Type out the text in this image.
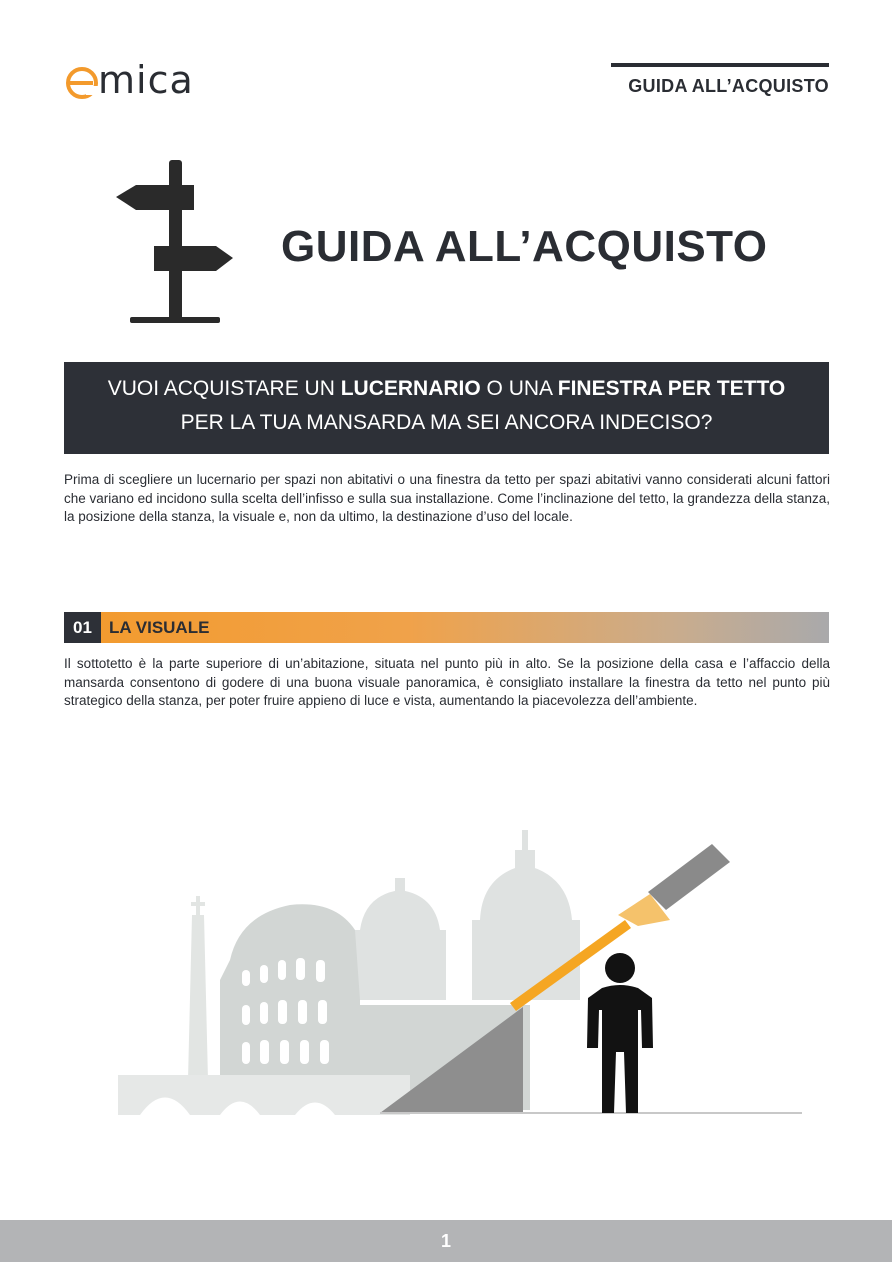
mica	GUIDA ALL’ACQUISTO
GUIDA ALL’ACQUISTO
VUOI ACQUISTARE UN LUCERNARIO O UNA FINESTRA PER TETTO
PER LA TUA MANSARDA MA SEI ANCORA INDECISO?
Prima di scegliere un lucernario per spazi non abitativi o una finestra da tetto per spazi abitativi vanno considerati alcuni fattori che variano ed incidono sulla scelta dell’infisso e sulla sua installazione. Come l’inclinazione del tetto, la grandezza della stanza, la posizione della stanza, la visuale e, non da ultimo, la destinazione d’uso del locale.
01	LA VISUALE
Il sottotetto è la parte superiore di un’abitazione, situata nel punto più in alto. Se la posizione della casa e l’affaccio della mansarda consentono di godere di una buona visuale panoramica, è consigliato installare la finestra da tetto nel punto più strategico della stanza, per poter fruire appieno di luce e vista, aumentando la piacevolezza dell’ambiente.
1
